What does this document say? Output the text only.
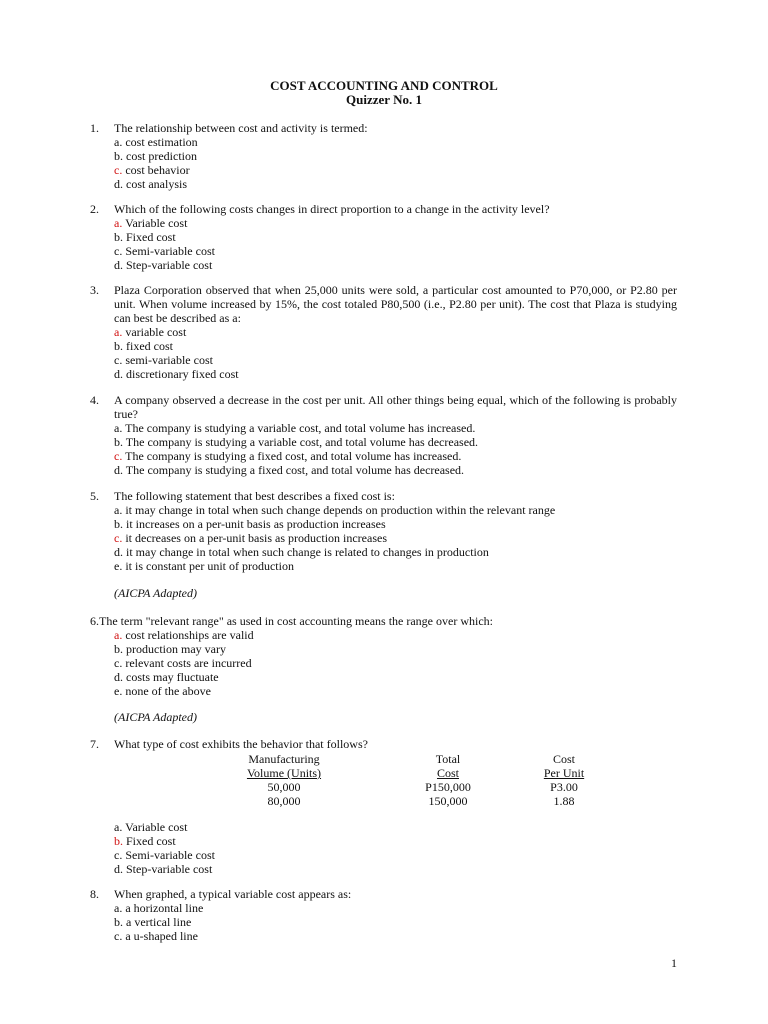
COST ACCOUNTING AND CONTROL
Quizzer No. 1
1. The relationship between cost and activity is termed:
a. cost estimation
b. cost prediction
c. cost behavior
d. cost analysis
2. Which of the following costs changes in direct proportion to a change in the activity level?
a. Variable cost
b. Fixed cost
c. Semi-variable cost
d. Step-variable cost
3. Plaza Corporation observed that when 25,000 units were sold, a particular cost amounted to P70,000, or P2.80 per unit. When volume increased by 15%, the cost totaled P80,500 (i.e., P2.80 per unit). The cost that Plaza is studying can best be described as a:
a. variable cost
b. fixed cost
c. semi-variable cost
d. discretionary fixed cost
4. A company observed a decrease in the cost per unit. All other things being equal, which of the following is probably true?
a. The company is studying a variable cost, and total volume has increased.
b. The company is studying a variable cost, and total volume has decreased.
c. The company is studying a fixed cost, and total volume has increased.
d. The company is studying a fixed cost, and total volume has decreased.
5. The following statement that best describes a fixed cost is:
a. it may change in total when such change depends on production within the relevant range
b. it increases on a per-unit basis as production increases
c. it decreases on a per-unit basis as production increases
d. it may change in total when such change is related to changes in production
e. it is constant per unit of production
(AICPA Adapted)
6.The term "relevant range" as used in cost accounting means the range over which:
a. cost relationships are valid
b. production may vary
c. relevant costs are incurred
d. costs may fluctuate
e. none of the above
(AICPA Adapted)
7. What type of cost exhibits the behavior that follows?
Manufacturing
Volume (Units)
50,000
80,000
Total
Cost
P150,000
150,000
Cost
Per Unit
P3.00
1.88
a. Variable cost
b. Fixed cost
c. Semi-variable cost
d. Step-variable cost
8. When graphed, a typical variable cost appears as:
a. a horizontal line
b. a vertical line
c. a u-shaped line
1
